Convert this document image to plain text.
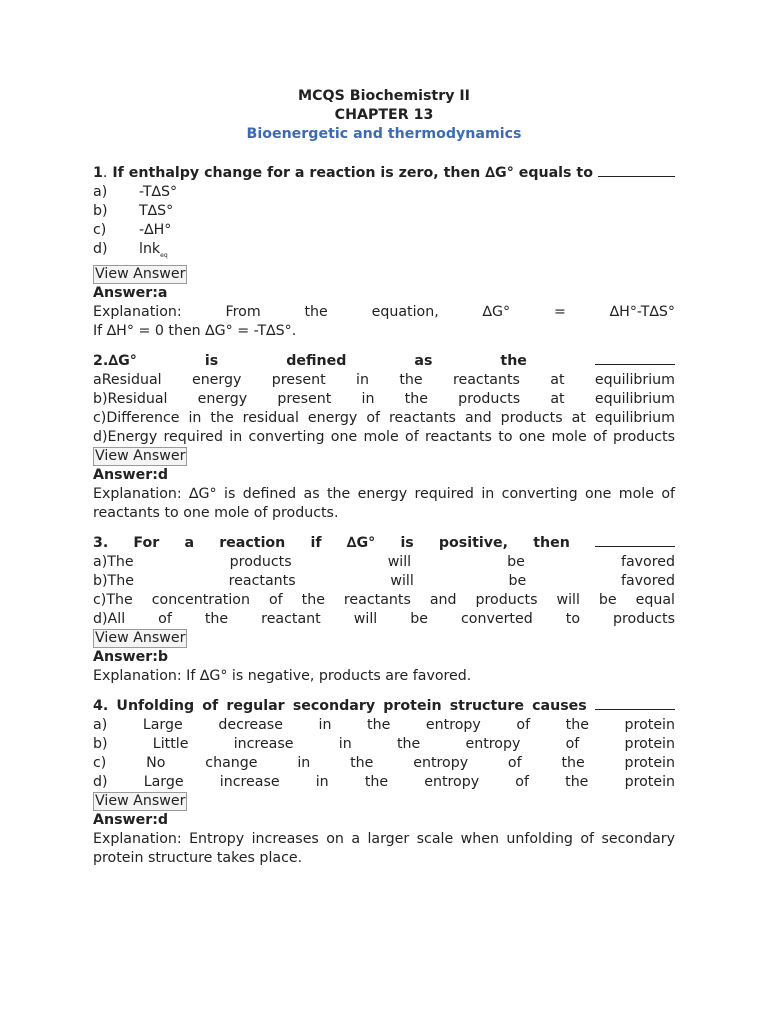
MCQS Biochemistry II
CHAPTER 13
Bioenergetic and thermodynamics
1. If enthalpy change for a reaction is zero, then ∆G° equals to
a) -T∆S°
b) T∆S°
c) -∆H°
d) lnk$_{eq}$
View Answer
Answer:a
Explanation:	From	the	equation,	∆G°	=	∆H°-T∆S°
If ∆H° = 0 then ∆G° = -T∆S°.
2.∆G°	is	defined	as	the
aResidual energy present in the reactants at equilibrium
b)Residual energy present in the products at equilibrium
c)Difference in the residual energy of reactants and products at equilibrium
d)Energy required in converting one mole of reactants to one mole of products
View Answer
Answer:d
Explanation: ∆G° is defined as the energy required in converting one mole of reactants to one mole of products.
3. For a reaction if ∆G° is positive, then
a)The products will be favored
b)The reactants will be favored
c)The concentration of the reactants and products will be equal
d)All of the reactant will be converted to products
View Answer
Answer:b
Explanation: If ∆G° is negative, products are favored.
4. Unfolding of regular secondary protein structure causes
a) Large decrease in the entropy of the protein
b) Little increase in the entropy of protein
c) No change in the entropy of the protein
d) Large increase in the entropy of the protein
View Answer
Answer:d
Explanation: Entropy increases on a larger scale when unfolding of secondary protein structure takes place.
